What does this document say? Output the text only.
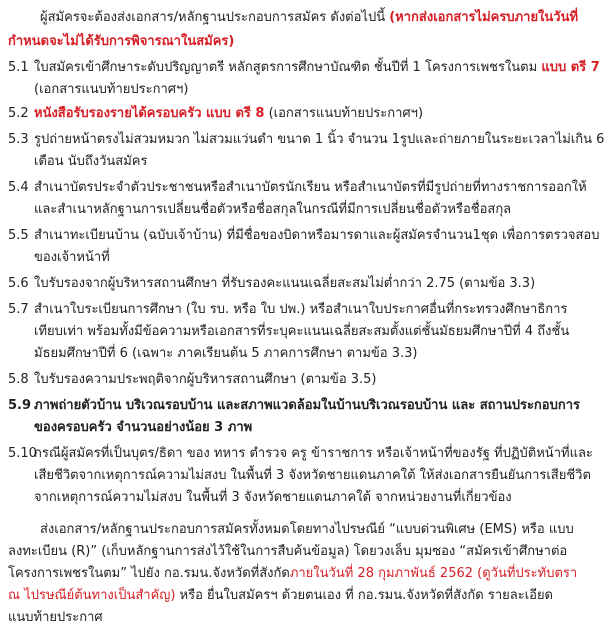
ผู้สมัครจะต้องส่งเอกสาร/หลักฐานประกอบการสมัคร ดังต่อไปนี้ (หากส่งเอกสารไม่ครบภายในวันที่
กำหนดจะไม่ได้รับการพิจารณาในสมัคร)
5.1 ใบสมัครเข้าศึกษาระดับปริญญาตรี หลักสูตรการศึกษาบัณฑิต ชั้นปีที่ 1 โครงการเพชรในตม แบบ ตรี 7
(เอกสารแนบท้ายประกาศฯ)
5.2 หนังสือรับรองรายได้ครอบครัว แบบ ตรี 8 (เอกสารแนบท้ายประกาศฯ)
5.3 รูปถ่ายหน้าตรงไม่สวมหมวก ไม่สวมแว่นดำ ขนาด 1 นิ้ว จำนวน 1รูปและถ่ายภายในระยะเวลาไม่เกิน 6
เดือน นับถึงวันสมัคร
5.4 สำเนาบัตรประจำตัวประชาชนหรือสำเนาบัตรนักเรียน หรือสำเนาบัตรที่มีรูปถ่ายที่ทางราชการออกให้
และสำเนาหลักฐานการเปลี่ยนชื่อตัวหรือชื่อสกุลในกรณีที่มีการเปลี่ยนชื่อตัวหรือชื่อสกุล
5.5 สำเนาทะเบียนบ้าน (ฉบับเจ้าบ้าน) ที่มีชื่อของบิดาหรือมารดาและผู้สมัครจำนวน1ชุด เพื่อการตรวจสอบ
ของเจ้าหน้าที่
5.6 ใบรับรองจากผู้บริหารสถานศึกษา ที่รับรองคะแนนเฉลี่ยสะสมไม่ต่ำกว่า 2.75 (ตามข้อ 3.3)
5.7 สำเนาใบระเบียนการศึกษา (ใบ รบ. หรือ ใบ ปพ.) หรือสำเนาใบประกาศอื่นที่กระทรวงศึกษาธิการ
เทียบเท่า พร้อมทั้งมีข้อความหรือเอกสารที่ระบุคะแนนเฉลี่ยสะสมตั้งแต่ชั้นมัธยมศึกษาปีที่ 4 ถึงชั้น
มัธยมศึกษาปีที่ 6 (เฉพาะ ภาคเรียนต้น 5 ภาคการศึกษา ตามข้อ 3.3)
5.8 ใบรับรองความประพฤติจากผู้บริหารสถานศึกษา (ตามข้อ 3.5)
5.9 ภาพถ่ายตัวบ้าน บริเวณรอบบ้าน และสภาพแวดล้อมในบ้านบริเวณรอบบ้าน และ สถานประกอบการ
ของครอบครัว จำนวนอย่างน้อย 3 ภาพ
5.10กรณีผู้สมัครที่เป็นบุตร/ธิดา ของ ทหาร ตำรวจ ครู ข้าราชการ หรือเจ้าหน้าที่ของรัฐ ที่ปฏิบัติหน้าที่และ
เสียชีวิตจากเหตุการณ์ความไม่สงบ ในพื้นที่ 3 จังหวัดชายแดนภาคใต้ ให้ส่งเอกสารยืนยันการเสียชีวิต
จากเหตุการณ์ความไม่สงบ ในพื้นที่ 3 จังหวัดชายแดนภาคใต้ จากหน่วยงานที่เกี่ยวข้อง
ส่งเอกสาร/หลักฐานประกอบการสมัครทั้งหมดโดยทางไปรษณีย์ “แบบด่วนพิเศษ (EMS) หรือ แบบ
ลงทะเบียน (R)” (เก็บหลักฐานการส่งไว้ใช้ในการสืบค้นข้อมูล) โดยวงเล็บ มุมซอง “สมัครเข้าศึกษาต่อ
โครงการเพชรในตม” ไปยัง กอ.รมน.จังหวัดที่สังกัดภายในวันที่ 28 กุมภาพันธ์ 2562 (ดูวันที่ประทับตรา
ณ ไปรษณีย์ต้นทางเป็นสำคัญ) หรือ ยื่นใบสมัครฯ ด้วยตนเอง ที่ กอ.รมน.จังหวัดที่สังกัด รายละเอียด
แนบท้ายประกาศ
